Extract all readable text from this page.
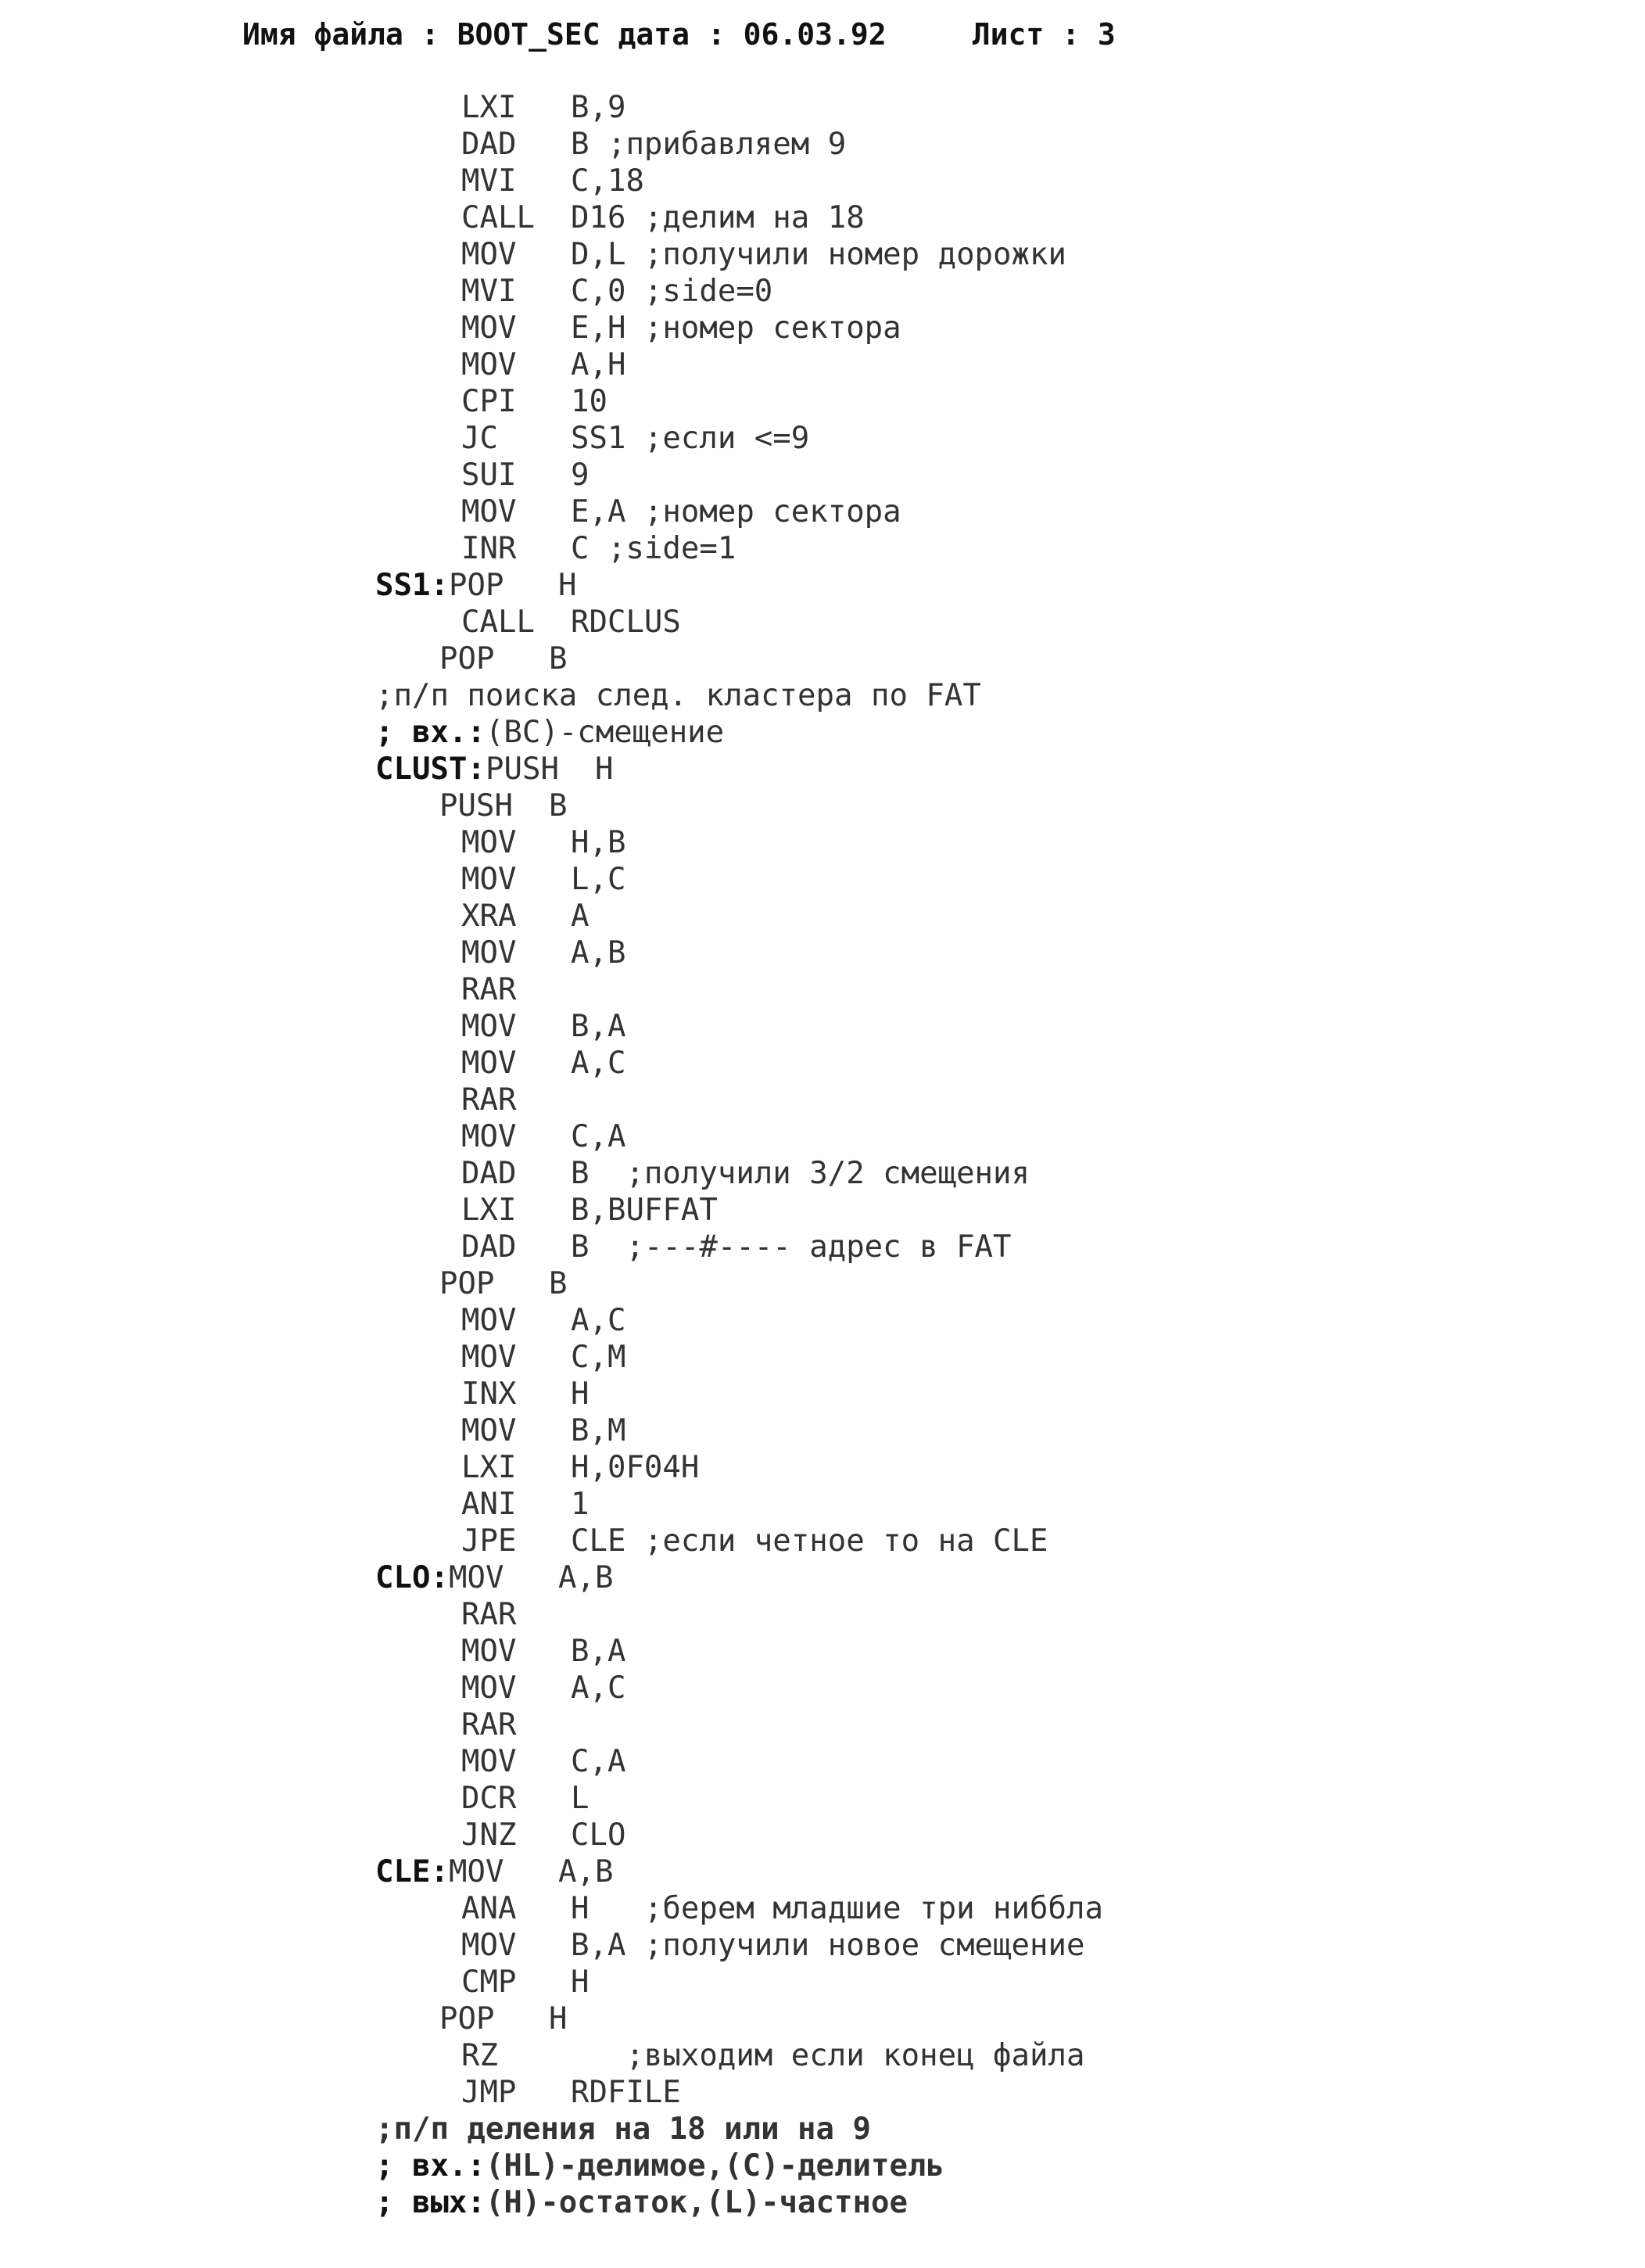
Имя файла : BOOT_SEC дата : 06.03.92	Лист : 3
LXI B,9
DAD B ;прибавляем 9
MVI C,18
CALL D16 ;делим на 18
MOV D,L ;получили номер дорожки
MVI C,0 ;side=0
MOV E,H ;номер сектора
MOV A,H
CPI 10
JC SS1 ;если <=9
SUI 9
MOV E,A ;номер сектора
INR C ;side=1
SS1: POP H
CALL RDCLUS
POP B
;п/п поиска след. кластера по FAT
; вх.:(BC)-смещение
CLUST: PUSH H
PUSH B
MOV H,B
MOV L,C
XRA A
MOV A,B
RAR
MOV B,A
MOV A,C
RAR
MOV C,A
DAD B  ;получили 3/2 смещения
LXI B,BUFFAT
DAD B  ;---#---- адрес в FAT
POP B
MOV A,C
MOV C,M
INX H
MOV B,M
LXI H,0F04H
ANI 1
JPE CLE ;если четное то на CLE
CLO: MOV A,B
RAR
MOV B,A
MOV A,C
RAR
MOV C,A
DCR L
JNZ CLO
CLE: MOV A,B
ANA H   ;берем младшие три ниббла
MOV B,A ;получили новое смещение
CMP H
POP H
RZ ;выходим если конец файла
JMP RDFILE
;п/п деления на 18 или на 9
; вх.:(HL)-делимое,(C)-делитель
; вых:(H)-остаток,(L)-частное
